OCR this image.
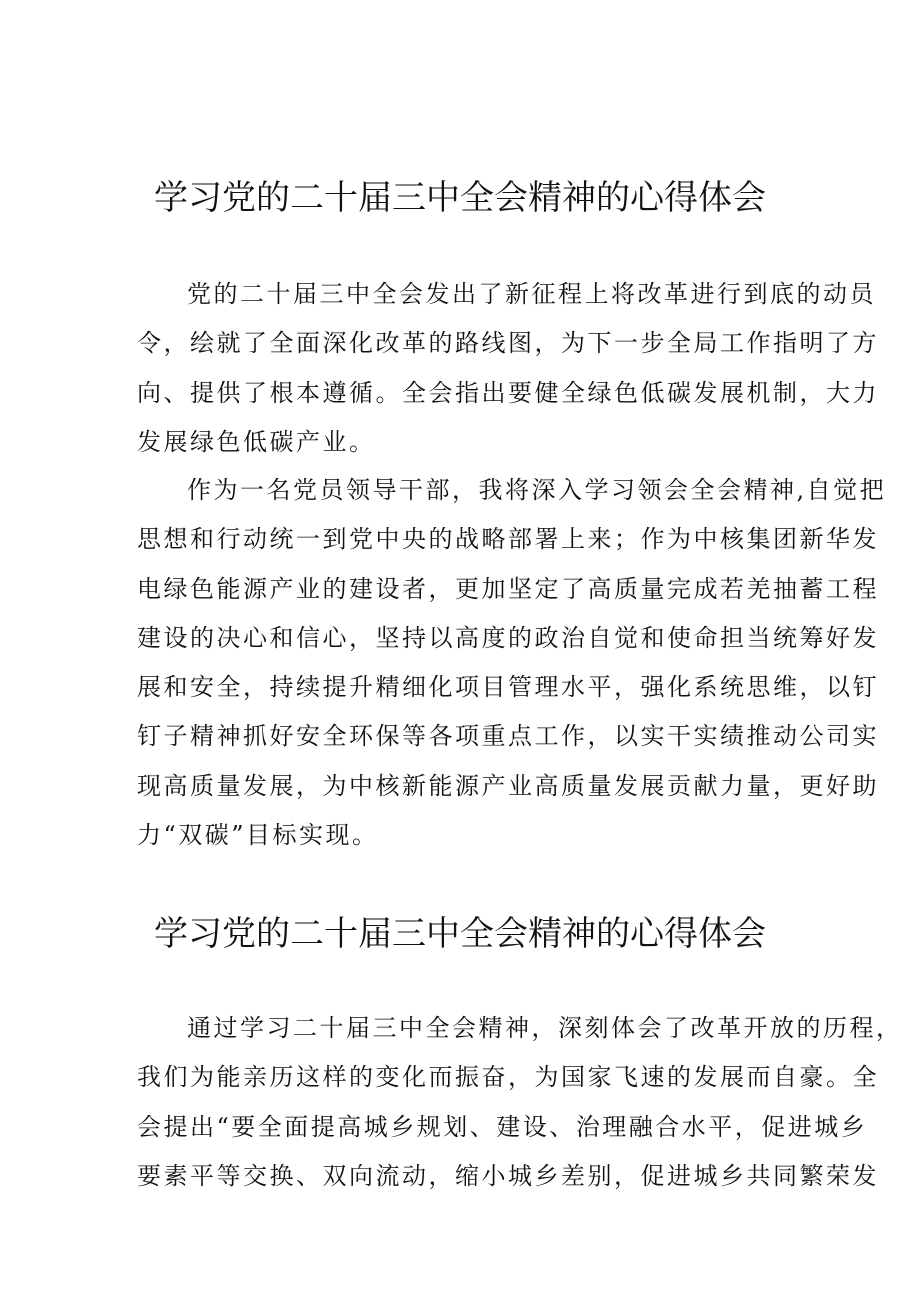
学习党的二十届三中全会精神的心得体会

党的二十届三中全会发出了新征程上将改革进行到底的动员
令，绘就了全面深化改革的路线图，为下一步全局工作指明了方
向、提供了根本遵循。全会指出要健全绿色低碳发展机制，大力
发展绿色低碳产业。

作为一名党员领导干部，我将深入学习领会全会精神,自觉把
思想和行动统一到党中央的战略部署上来；作为中核集团新华发
电绿色能源产业的建设者，更加坚定了高质量完成若羌抽蓄工程
建设的决心和信心，坚持以高度的政治自觉和使命担当统筹好发
展和安全，持续提升精细化项目管理水平，强化系统思维，以钉
钉子精神抓好安全环保等各项重点工作，以实干实绩推动公司实
现高质量发展，为中核新能源产业高质量发展贡献力量，更好助
力“双碳”目标实现。

学习党的二十届三中全会精神的心得体会

通过学习二十届三中全会精神，深刻体会了改革开放的历程，
我们为能亲历这样的变化而振奋，为国家飞速的发展而自豪。全
会提出“要全面提高城乡规划、建设、治理融合水平，促进城乡
要素平等交换、双向流动，缩小城乡差别，促进城乡共同繁荣发
